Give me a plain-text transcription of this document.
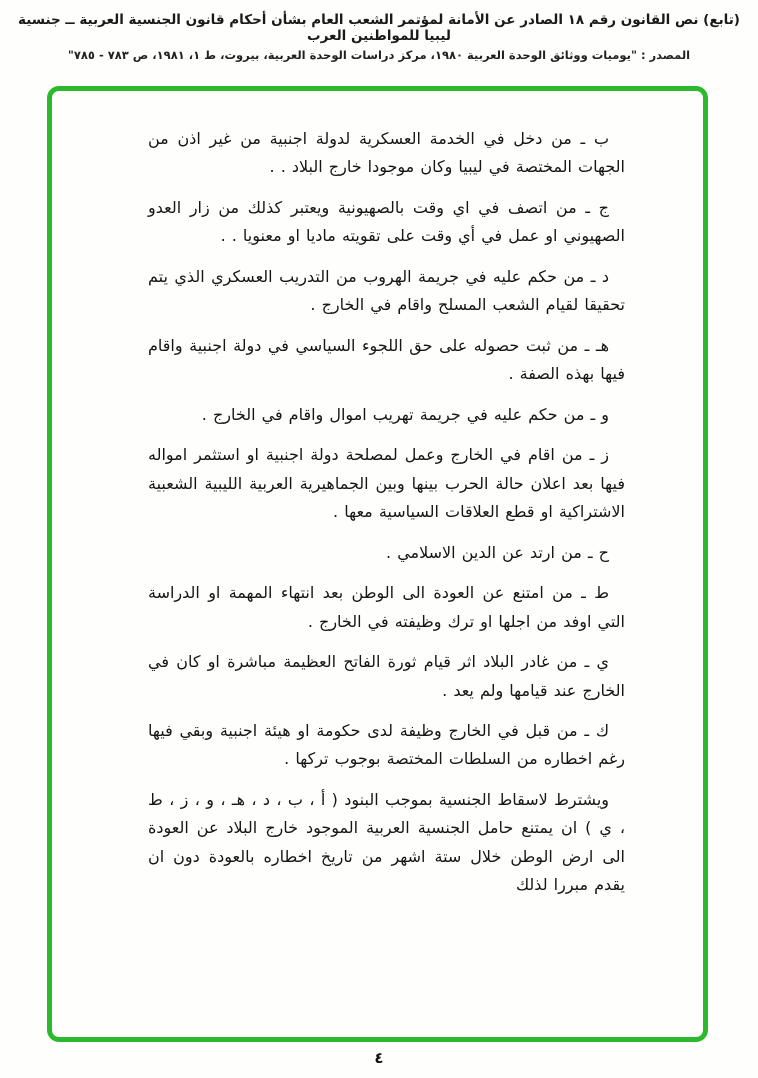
(تابع) نص القانون رقم ١٨ الصادر عن الأمانة لمؤتمر الشعب العام بشأن أحكام قانون الجنسية العربية ــ جنسية ليبيا للمواطنين العرب
المصدر : "يوميات ووثائق الوحدة العربية ١٩٨٠، مركز دراسات الوحدة العربية، بيروت، ط ١، ١٩٨١، ص ٧٨٣ - ٧٨٥"

ب ـ من دخل في الخدمة العسكرية لدولة اجنبية من غير اذن من الجهات المختصة في ليبيا وكان موجودا خارج البلاد . .

ج ـ من اتصف في اي وقت بالصهيونية ويعتبر كذلك من زار العدو الصهيوني او عمل في أي وقت على تقويته ماديا او معنويا . .

د ـ من حكم عليه في جريمة الهروب من التدريب العسكري الذي يتم تحقيقا لقيام الشعب المسلح واقام في الخارج .

هـ ـ من ثبت حصوله على حق اللجوء السياسي في دولة اجنبية واقام فيها بهذه الصفة .

و ـ من حكم عليه في جريمة تهريب اموال واقام في الخارج .

ز ـ من اقام في الخارج وعمل لمصلحة دولة اجنبية او استثمر امواله فيها بعد اعلان حالة الحرب بينها وبين الجماهيرية العربية الليبية الشعبية الاشتراكية او قطع العلاقات السياسية معها .

ح ـ من ارتد عن الدين الاسلامي .

ط ـ من امتنع عن العودة الى الوطن بعد انتهاء المهمة او الدراسة التي اوفد من اجلها او ترك وظيفته في الخارج .

ي ـ من غادر البلاد اثر قيام ثورة الفاتح العظيمة مباشرة او كان في الخارج عند قيامها ولم يعد .

ك ـ من قبل في الخارج وظيفة لدى حكومة او هيئة اجنبية وبقي فيها رغم اخطاره من السلطات المختصة بوجوب تركها .

ويشترط لاسقاط الجنسية بموجب البنود ( أ ، ب ، د ، هـ ، و ، ز ، ط ، ي ) ان يمتنع حامل الجنسية العربية الموجود خارج البلاد عن العودة الى ارض الوطن خلال ستة اشهر من تاريخ اخطاره بالعودة دون ان يقدم مبررا لذلك

٤
